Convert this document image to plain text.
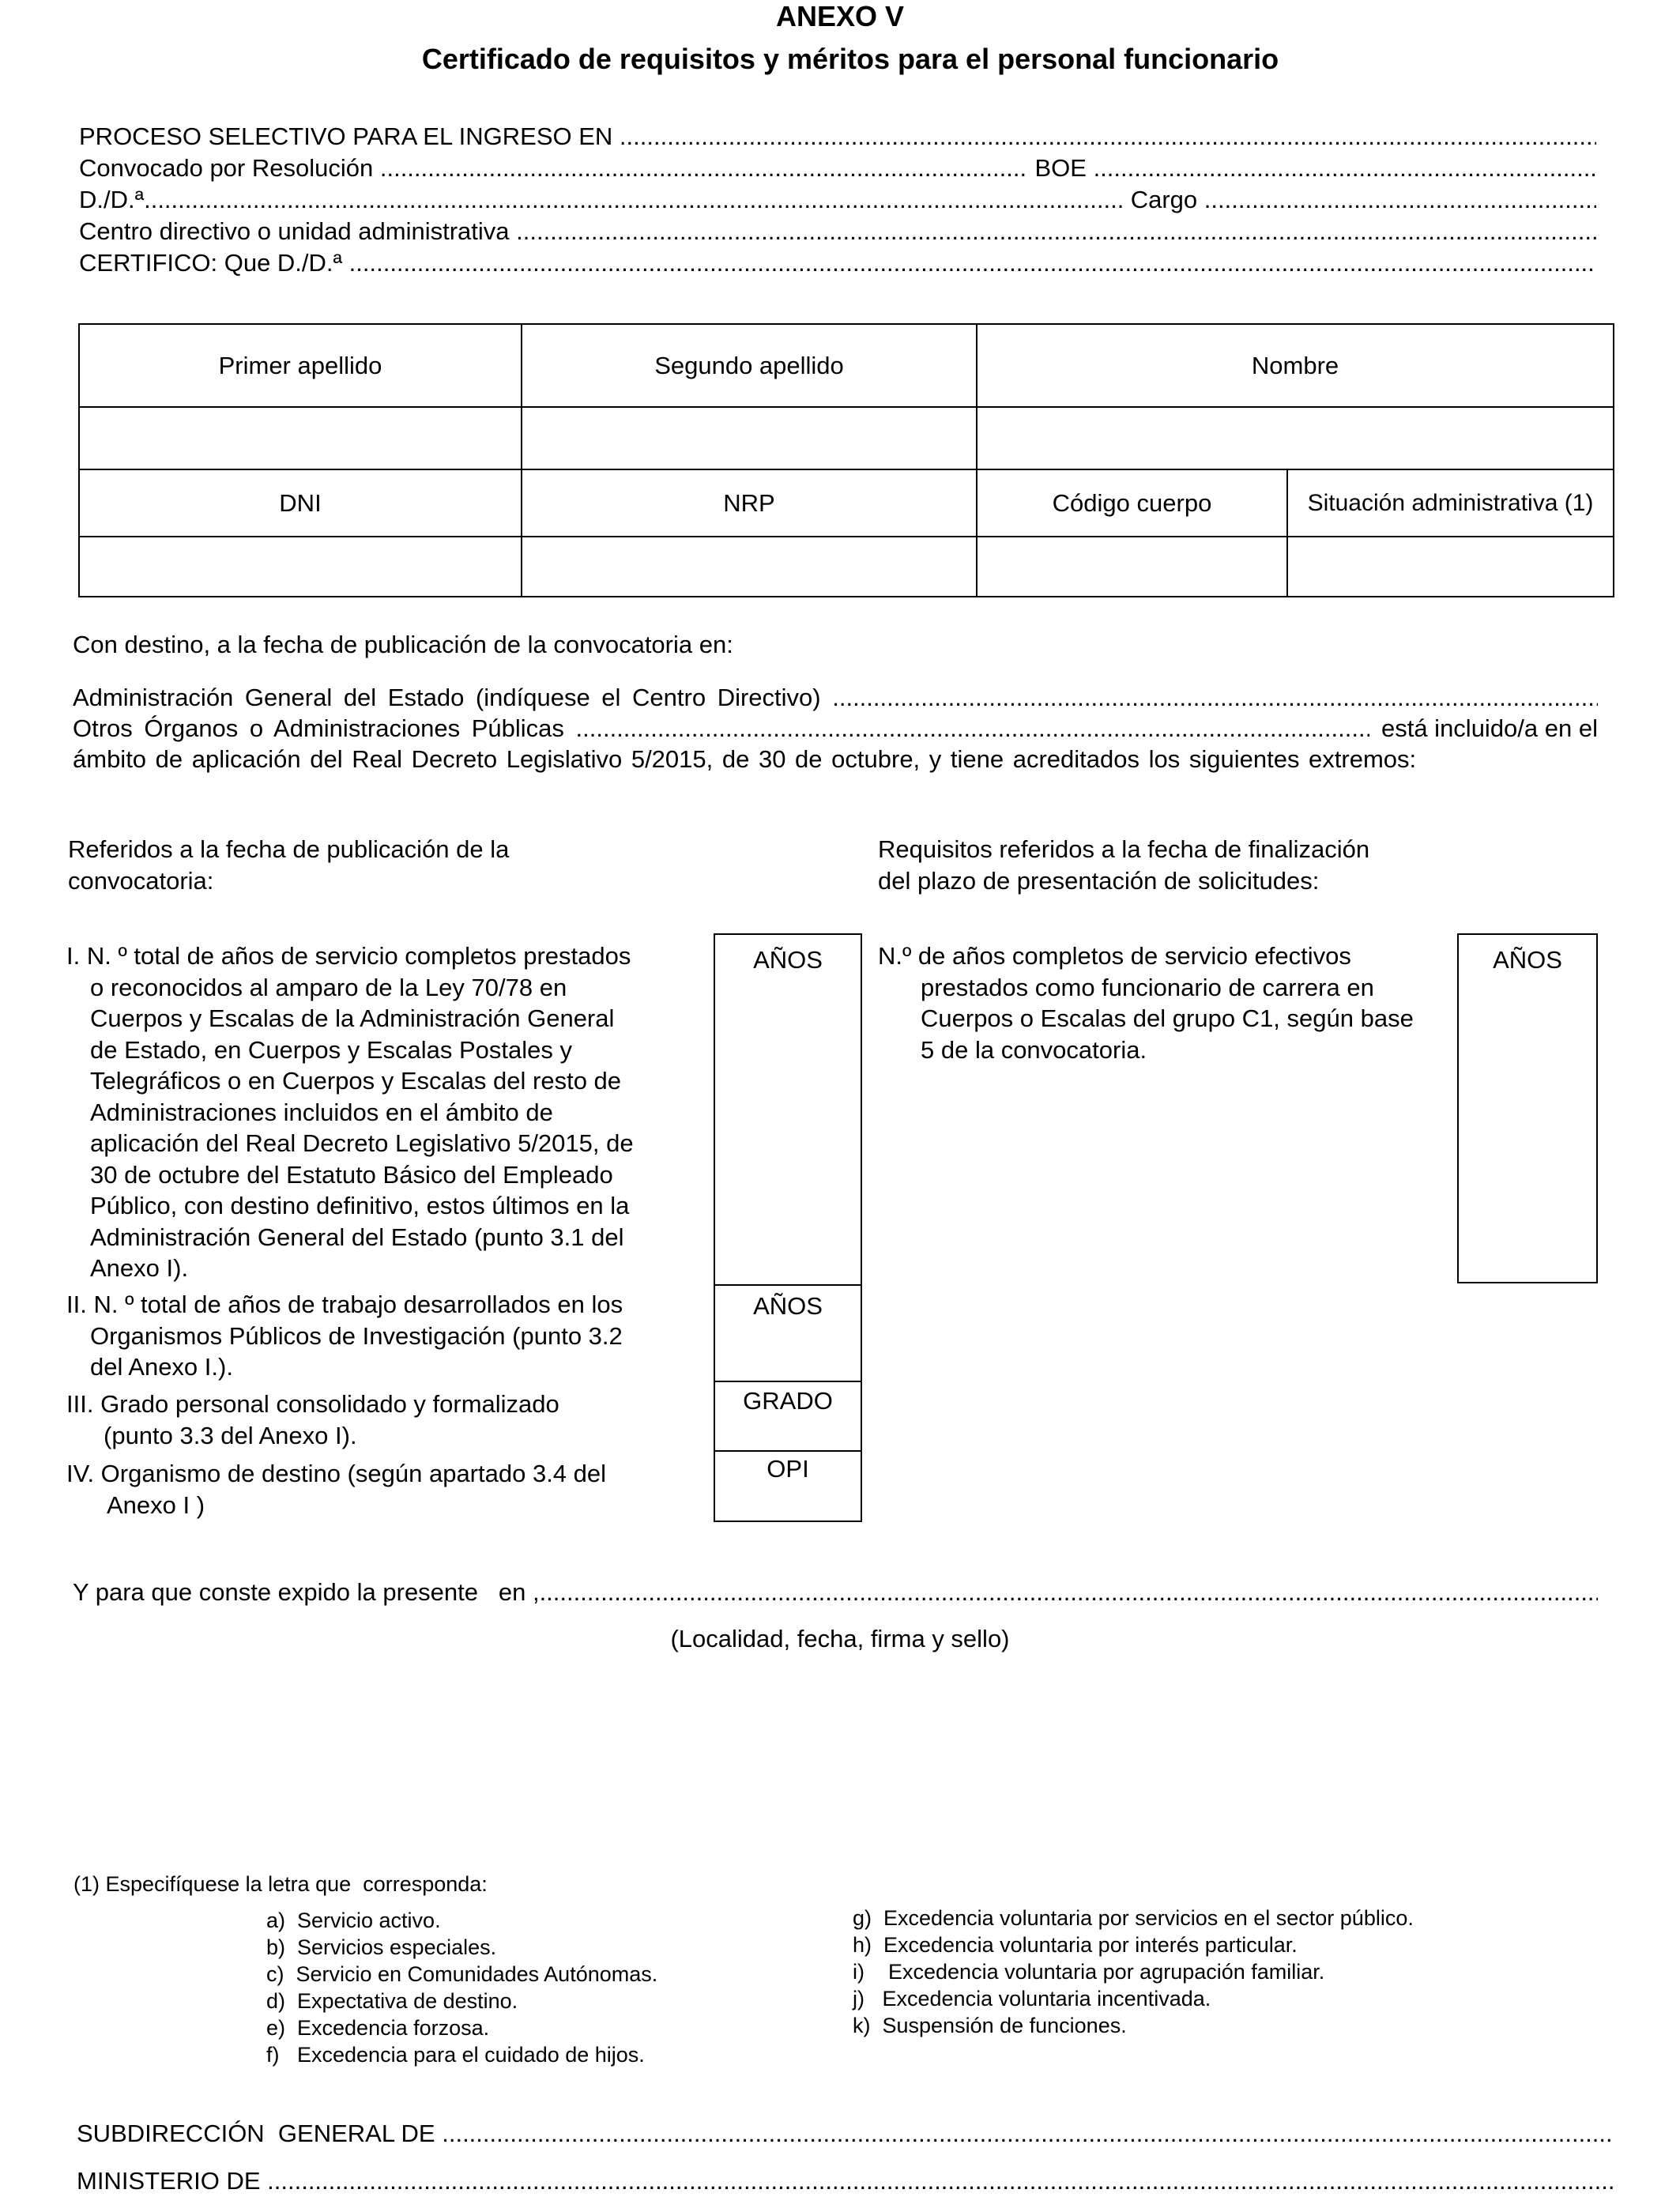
ANEXO V
Certificado de requisitos y méritos para el personal funcionario
PROCESO SELECTIVO PARA EL INGRESO EN

.....
Convocado por Resolución
.....
	BOE

.....
D./D.ª .....
	Cargo

.....
Centro directivo o unidad administrativa

.....
CERTIFICO: Que D./D.ª

.....
Primer apellido	Segundo apellido	Nombre	

DNI	NRP	Código cuerpo	Situación administrativa (1)

Con destino, a la fecha de publicación de la convocatoria en:
Administración General del Estado (indíquese el Centro Directivo)

.....
Otros Órganos o Administraciones Públicas
.....
	está incluido/a en el
ámbito de aplicación del Real Decreto Legislativo 5/2015, de 30 de octubre, y tiene acreditados los siguientes extremos:
Referidos a la fecha de publicación de la
convocatoria:
Requisitos referidos a la fecha de finalización
del plazo de presentación de solicitudes:
I. N. º total de años de servicio completos prestados
o reconocidos al amparo de la Ley 70/78 en
Cuerpos y Escalas de la Administración General
de Estado, en Cuerpos y Escalas Postales y
Telegráficos o en Cuerpos y Escalas del resto de
Administraciones incluidos en el ámbito de
aplicación del Real Decreto Legislativo 5/2015, de
30 de octubre del Estatuto Básico del Empleado
Público, con destino definitivo, estos últimos en la
Administración General del Estado (punto 3.1 del
Anexo I).
II. N. º total de años de trabajo desarrollados en los
Organismos Públicos de Investigación (punto 3.2
del Anexo I.).
III. Grado personal consolidado y formalizado
(punto 3.3 del Anexo I).
IV. Organismo de destino (según apartado 3.4 del
Anexo I )
AÑOS
AÑOS
GRADO
OPI
N.º de años completos de servicio efectivos
prestados como funcionario de carrera en
Cuerpos o Escalas del grupo C1, según base
5 de la convocatoria.
AÑOS
Y para que conste expido la presente   en ,
.....
(Localidad, fecha, firma y sello)
(1) Especifíquese la letra que  corresponda:
a)  Servicio activo.
b)  Servicios especiales.
c)  Servicio en Comunidades Autónomas.
d)  Expectativa de destino.
e)  Excedencia forzosa.
f)   Excedencia para el cuidado de hijos.
g)  Excedencia voluntaria por servicios en el sector público.
h)  Excedencia voluntaria por interés particular.
i)    Excedencia voluntaria por agrupación familiar.
j)   Excedencia voluntaria incentivada.
k)  Suspensión de funciones.
SUBDIRECCIÓN  GENERAL DE

.....
MINISTERIO DE

.....
